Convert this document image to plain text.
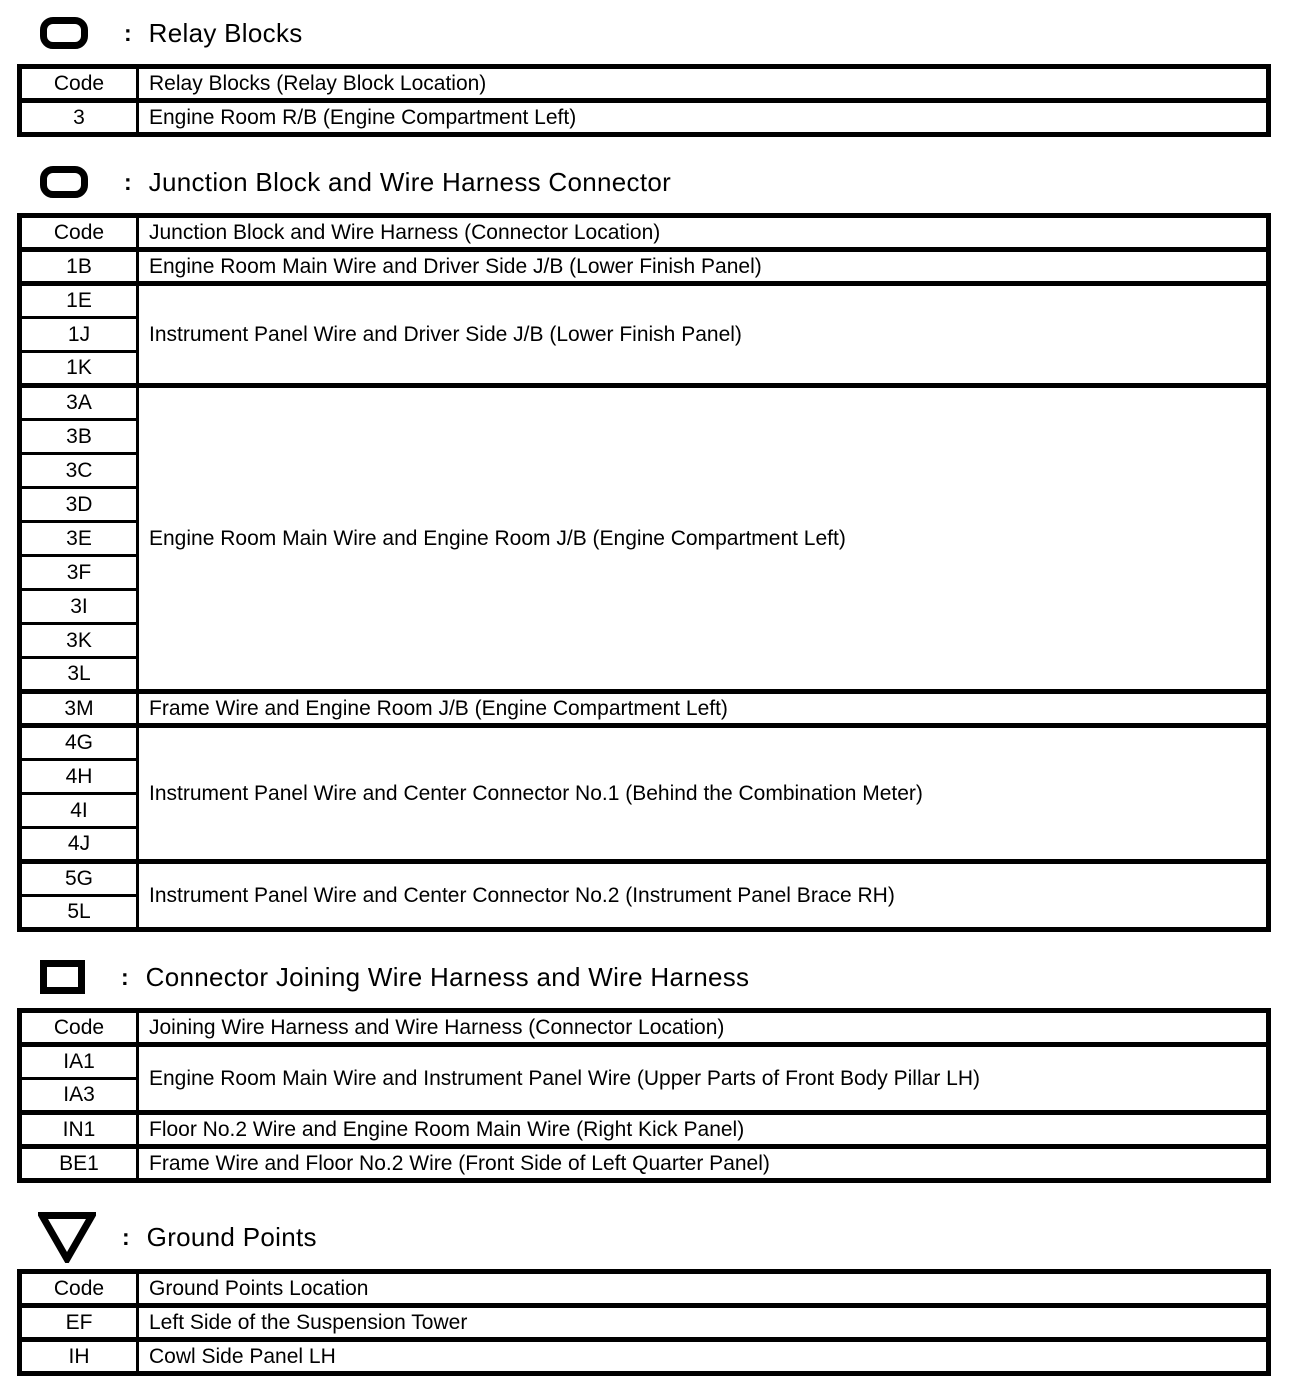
: Relay Blocks
Code	Relay Blocks (Relay Block Location)
3	Engine Room R/B (Engine Compartment Left)
: Junction Block and Wire Harness Connector
Code	Junction Block and Wire Harness (Connector Location)
1B	Engine Room Main Wire and Driver Side J/B (Lower Finish Panel)
1E	Instrument Panel Wire and Driver Side J/B (Lower Finish Panel)
1J	
1K	
3A	Engine Room Main Wire and Engine Room J/B (Engine Compartment Left)
3B	
3C	
3D	
3E	
3F	
3I	
3K	
3L	
3M	Frame Wire and Engine Room J/B (Engine Compartment Left)
4G	Instrument Panel Wire and Center Connector No.1 (Behind the Combination Meter)
4H	
4I	
4J	
5G	Instrument Panel Wire and Center Connector No.2 (Instrument Panel Brace RH)
5L	
: Connector Joining Wire Harness and Wire Harness
Code	Joining Wire Harness and Wire Harness (Connector Location)
IA1	Engine Room Main Wire and Instrument Panel Wire (Upper Parts of Front Body Pillar LH)
IA3	
IN1	Floor No.2 Wire and Engine Room Main Wire (Right Kick Panel)
BE1	Frame Wire and Floor No.2 Wire (Front Side of Left Quarter Panel)
: Ground Points
Code	Ground Points Location
EF	Left Side of the Suspension Tower
IH	Cowl Side Panel LH
